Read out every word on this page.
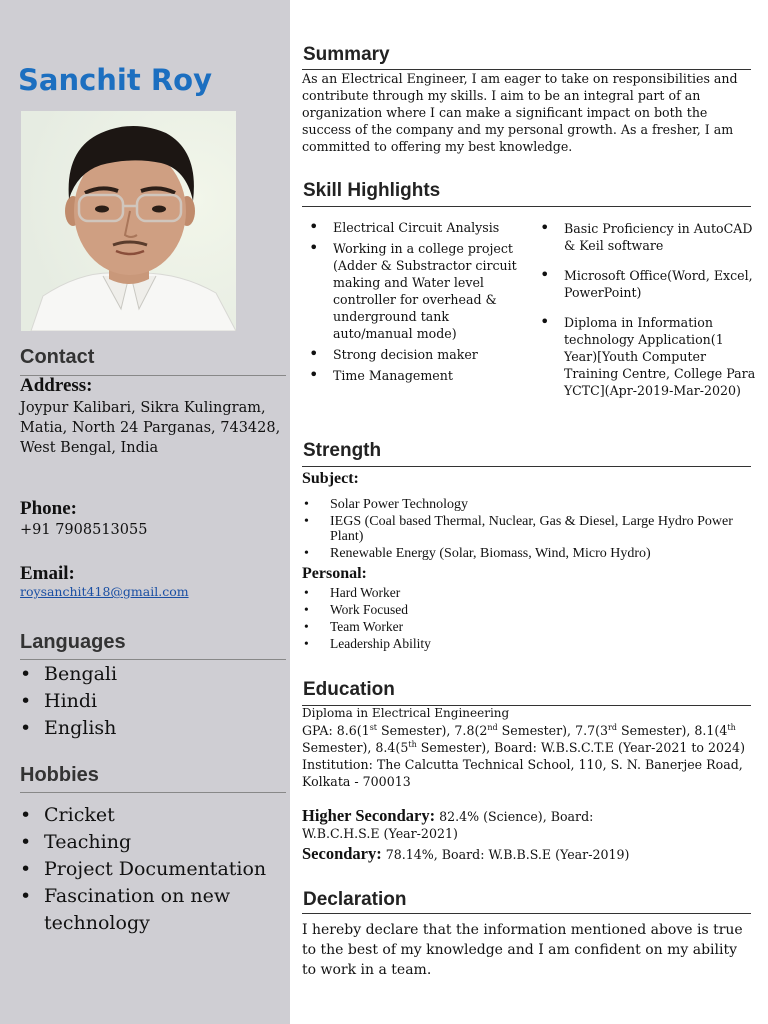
Sanchit Roy
Contact
Address:
Joypur Kalibari, Sikra Kulingram, Matia, North 24 Parganas, 743428, West Bengal, India
Phone:
+91 7908513055
Email:
roysanchit418@gmail.com
Languages
• Bengali
• Hindi
• English
Hobbies
• Cricket
• Teaching
• Project Documentation
• Fascination on new technology
Summary
As an Electrical Engineer, I am eager to take on responsibilities and contribute through my skills. I aim to be an integral part of an organization where I can make a significant impact on both the success of the company and my personal growth. As a fresher, I am committed to offering my best knowledge.
Skill Highlights
• Electrical Circuit Analysis
• Working in a college project (Adder & Substractor circuit making and Water level controller for overhead & underground tank auto/manual mode)
• Strong decision maker
• Time Management
• Basic Proficiency in AutoCAD & Keil software
• Microsoft Office(Word, Excel, PowerPoint)
• Diploma in Information technology Application(1 Year)[Youth Computer Training Centre, College Para YCTC](Apr-2019-Mar-2020)
Strength
Subject:
• Solar Power Technology
• IEGS (Coal based Thermal, Nuclear, Gas & Diesel, Large Hydro Power Plant)
• Renewable Energy (Solar, Biomass, Wind, Micro Hydro)
Personal:
• Hard Worker
• Work Focused
• Team Worker
• Leadership Ability
Education
Diploma in Electrical Engineering
GPA: 8.6(1st Semester), 7.8(2nd Semester), 7.7(3rd Semester), 8.1(4th Semester), 8.4(5th Semester), Board: W.B.S.C.T.E (Year-2021 to 2024)
Institution: The Calcutta Technical School, 110, S. N. Banerjee Road, Kolkata - 700013
Higher Secondary: 82.4% (Science), Board: W.B.C.H.S.E (Year-2021)
Secondary: 78.14%, Board: W.B.B.S.E (Year-2019)
Declaration
I hereby declare that the information mentioned above is true to the best of my knowledge and I am confident on my ability to work in a team.
